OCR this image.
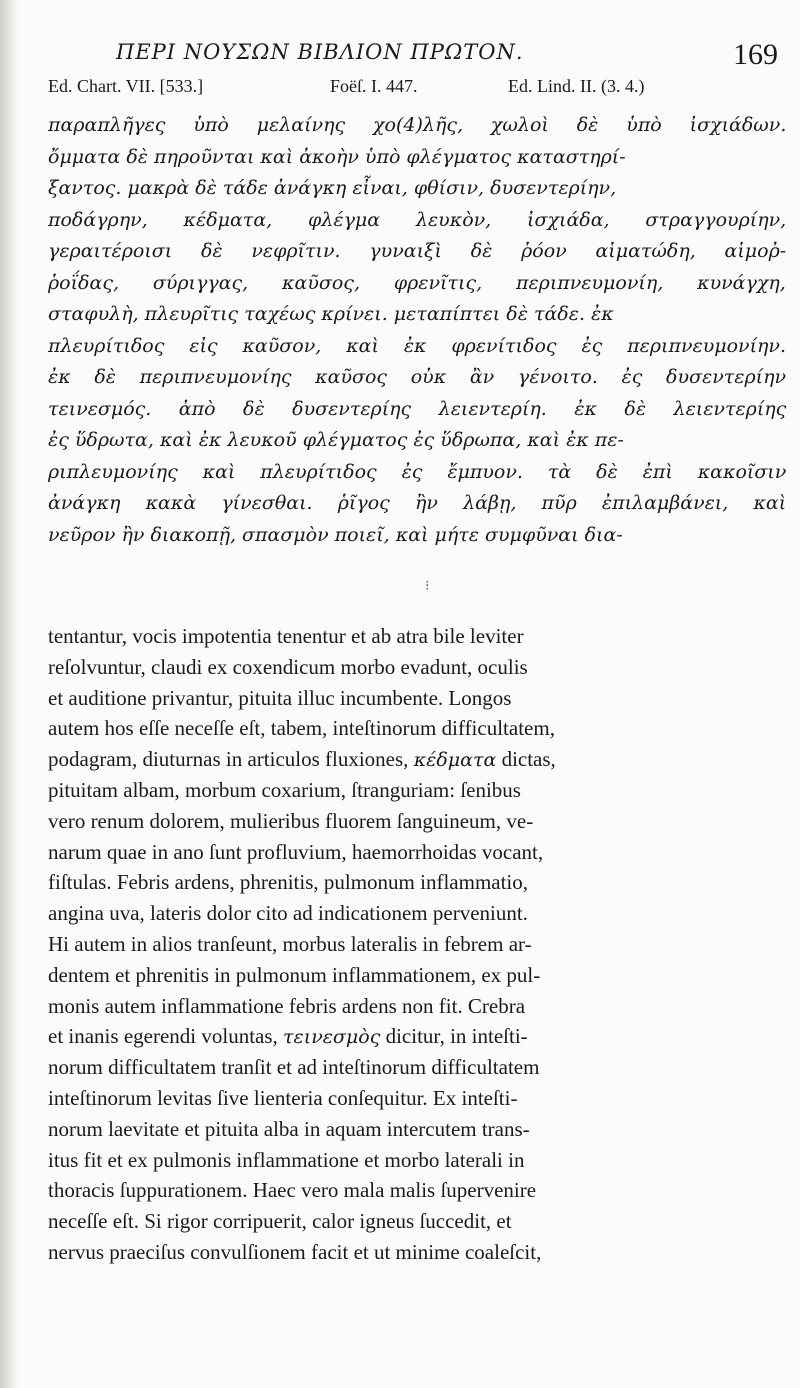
ΠΕΡΙ ΝΟΥΣΩΝ ΒΙΒΛΙΟΝ ΠΡΩΤΟΝ.	169
Ed. Chart. VII. [533.]	Foëſ. I. 447.	Ed. Lind. II. (3. 4.)
παραπλῆγες ὑπὸ μελαίνης χο(4)λῆς, χωλοὶ δὲ ὑπὸ ἰσχιάδων.
ὄμματα δὲ πηροῦνται καὶ ἀκοὴν ὑπὸ φλέγματος καταστηρί-
ξαντος. μακρὰ δὲ τάδε ἀνάγκη εἶναι, φθίσιν, δυσεντερίην,
ποδάγρην, κέδματα, φλέγμα λευκὸν, ἰσχιάδα, στραγγουρίην,
γεραιτέροισι δὲ νεφρῖτιν. γυναιξὶ δὲ ῥόον αἱματώδη, αἱμοῤ-
ῥοΐδας, σύριγγας, καῦσος, φρενῖτις, περιπνευμονίη, κυνάγχη,
σταφυλὴ, πλευρῖτις ταχέως κρίνει. μεταπίπτει δὲ τάδε. ἐκ
πλευρίτιδος εἰς καῦσον, καὶ ἐκ φρενίτιδος ἐς περιπνευμονίην.
ἐκ δὲ περιπνευμονίης καῦσος οὐκ ἂν γένοιτο. ἐς δυσεντερίην
τεινεσμός. ἀπὸ δὲ δυσεντερίης λειεντερίη. ἐκ δὲ λειεντερίης
ἐς ὕδρωτα, καὶ ἐκ λευκοῦ φλέγματος ἐς ὕδρωπα, καὶ ἐκ πε-
ριπλευμονίης καὶ πλευρίτιδος ἐς ἔμπυον. τὰ δὲ ἐπὶ κακοῖσιν
ἀνάγκη κακὰ γίνεσθαι. ῥῖγος ἢν λάβῃ, πῦρ ἐπιλαμβάνει, καὶ
νεῦρον ἢν διακοπῇ, σπασμὸν ποιεῖ, καὶ μήτε συμφῦναι δια-
⁝
tentantur, vocis impotentia tenentur et ab atra bile leviter
reſolvuntur, claudi ex coxendicum morbo evadunt, oculis
et auditione privantur, pituita illuc incumbente. Longos
autem hos eſſe neceſſe eſt, tabem, inteſtinorum difficultatem,
podagram, diuturnas in articulos fluxiones, κέδματα dictas,
pituitam albam, morbum coxarium, ſtranguriam: ſenibus
vero renum dolorem, mulieribus fluorem ſanguineum, ve-
narum quae in ano ſunt profluvium, haemorrhoidas vocant,
fiſtulas. Febris ardens, phrenitis, pulmonum inflammatio,
angina uva, lateris dolor cito ad indicationem perveniunt.
Hi autem in alios tranſeunt, morbus lateralis in febrem ar-
dentem et phrenitis in pulmonum inflammationem, ex pul-
monis autem inflammatione febris ardens non fit. Crebra
et inanis egerendi voluntas, τεινεσμὸς dicitur, in inteſti-
norum difficultatem tranſit et ad inteſtinorum difficultatem
inteſtinorum levitas ſive lienteria conſequitur. Ex inteſti-
norum laevitate et pituita alba in aquam intercutem trans-
itus fit et ex pulmonis inflammatione et morbo laterali in
thoracis ſuppurationem. Haec vero mala malis ſupervenire
neceſſe eſt. Si rigor corripuerit, calor igneus ſuccedit, et
nervus praeciſus convulſionem facit et ut minime coaleſcit,
